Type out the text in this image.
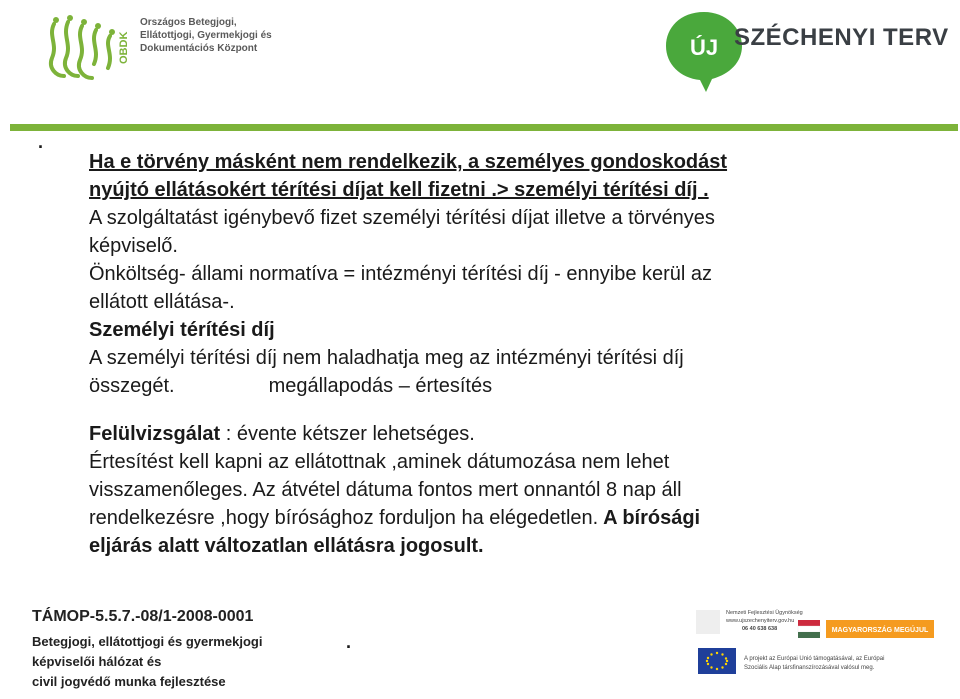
OBDK
Országos Betegjogi,
Ellátottjogi, Gyermekjogi és
Dokumentációs Központ	ÚJ SZÉCHENYI TERV
.
Ha e törvény másként nem rendelkezik, a személyes gondoskodást
nyújtó ellátásokért térítési díjat kell fizetni .> személyi térítési díj .
A szolgáltatást igénybevő fizet személyi térítési díjat illetve a törvényes
képviselő.
Önköltség- állami normatíva = intézményi térítési díj - ennyibe kerül az
ellátott ellátása-.
Személyi térítési díj
A személyi térítési díj nem haladhatja meg az intézményi térítési díj
összegét.	megállapodás – értesítés
Felülvizsgálat : évente kétszer lehetséges.
Értesítést kell kapni az ellátottnak ,aminek dátumozása nem lehet
visszamenőleges. Az átvétel dátuma fontos mert onnantól 8 nap áll
rendelkezésre ,hogy bírósághoz forduljon ha elégedetlen. A bírósági
eljárás alatt változatlan ellátásra jogosult.
TÁMOP-5.5.7.-08/1-2008-0001
Betegjogi, ellátottjogi és gyermekjogi
képviselői hálózat és
civil jogvédő munka fejlesztése
.
Nemzeti Fejlesztési Ügynökség
www.ujszechenyiterv.gov.hu
06 40 638 638	MAGYARORSZÁG MEGÚJUL
A projekt az Európai Unió támogatásával, az Európai
Szociális Alap társfinanszírozásával valósul meg.
